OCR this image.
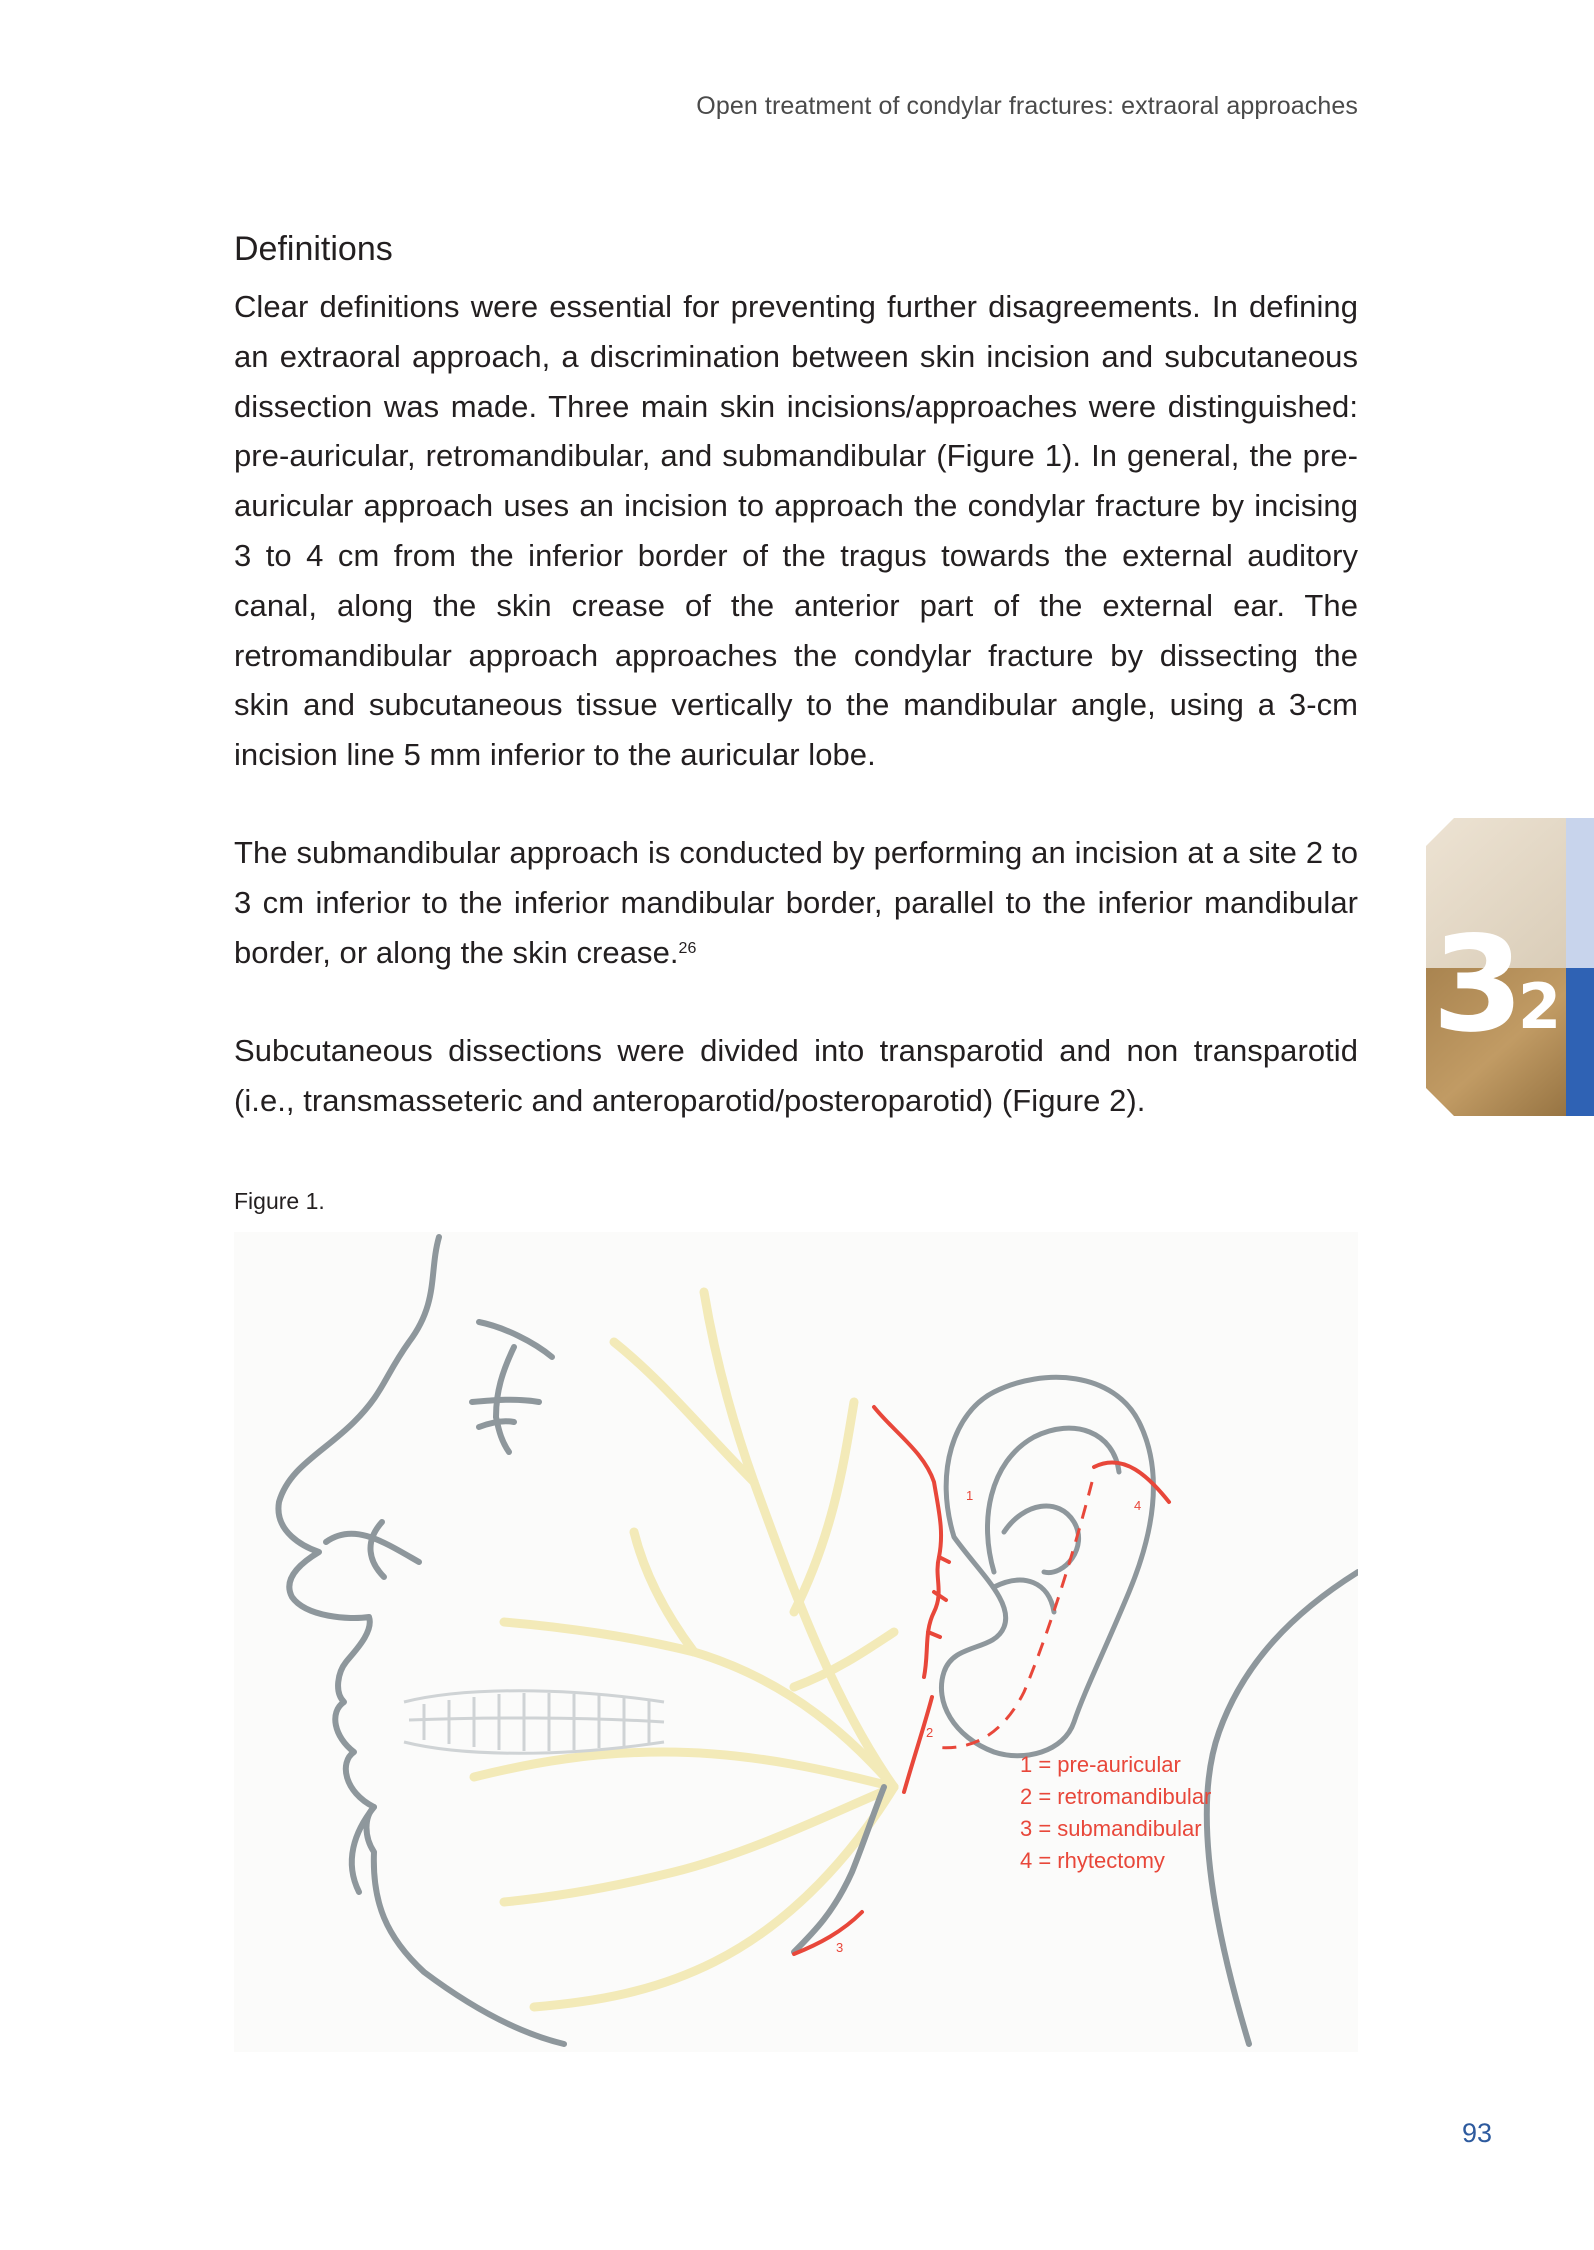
Open treatment of condylar fractures: extraoral approaches
Definitions

Clear definitions were essential for preventing further disagreements. In defining an extraoral approach, a discrimination between skin incision and subcutaneous dissection was made. Three main skin incisions/approaches were distinguished: pre-auricular, retromandibular, and submandibular (Figure 1). In general, the pre-auricular approach uses an incision to approach the condylar fracture by incising 3 to 4 cm from the inferior border of the tragus towards the external auditory canal, along the skin crease of the anterior part of the external ear. The retromandibular approach approaches the condylar fracture by dissecting the skin and subcutaneous tissue vertically to the mandibular angle, using a 3-cm incision line 5 mm inferior to the auricular lobe.

The submandibular approach is conducted by performing an incision at a site 2 to 3 cm inferior to the inferior mandibular border, parallel to the inferior mandibular border, or along the skin crease.$^{26}$

Subcutaneous dissections were divided into transparotid and non transparotid (i.e., transmasseteric and anteroparotid/posteroparotid) (Figure 2).

Figure 1.
1
2
3
4
1 = pre-auricular
2 = retromandibular
3 = submandibular
4 = rhytectomy
3
2
93
